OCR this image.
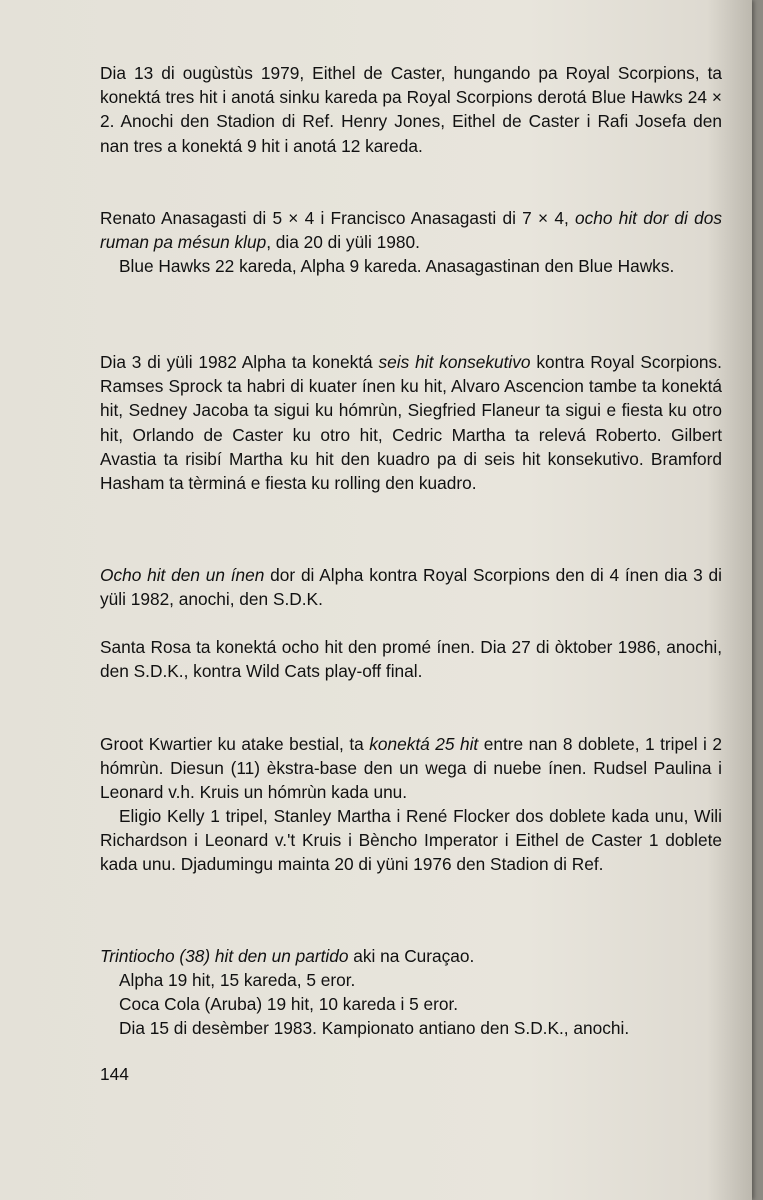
Dia 13 di ougùstùs 1979, Eithel de Caster, hungando pa Royal Scorpions, ta konektá tres hit i anotá sinku kareda pa Royal Scorpions derotá Blue Hawks 24 × 2. Anochi den Stadion di Ref. Henry Jones, Eithel de Caster i Rafi Josefa den nan tres a konektá 9 hit i anotá 12 kareda.

Renato Anasagasti di 5 × 4 i Francisco Anasagasti di 7 × 4, ocho hit dor di dos ruman pa mésun klup, dia 20 di yüli 1980.

Blue Hawks 22 kareda, Alpha 9 kareda. Anasagastinan den Blue Hawks.

Dia 3 di yüli 1982 Alpha ta konektá seis hit konsekutivo kontra Royal Scorpions. Ramses Sprock ta habri di kuater ínen ku hit, Alvaro Ascencion tambe ta konektá hit, Sedney Jacoba ta sigui ku hómrùn, Siegfried Flaneur ta sigui e fiesta ku otro hit, Orlando de Caster ku otro hit, Cedric Martha ta relevá Roberto. Gilbert Avastia ta risibí Martha ku hit den kuadro pa di seis hit konsekutivo. Bramford Hasham ta tèrminá e fiesta ku rolling den kuadro.

Ocho hit den un ínen dor di Alpha kontra Royal Scorpions den di 4 ínen dia 3 di yüli 1982, anochi, den S.D.K.

Santa Rosa ta konektá ocho hit den promé ínen. Dia 27 di òktober 1986, anochi, den S.D.K., kontra Wild Cats play-off final.

Groot Kwartier ku atake bestial, ta konektá 25 hit entre nan 8 doblete, 1 tripel i 2 hómrùn. Diesun (11) èkstra-base den un wega di nuebe ínen. Rudsel Paulina i Leonard v.h. Kruis un hómrùn kada unu.

Eligio Kelly 1 tripel, Stanley Martha i René Flocker dos doblete kada unu, Wili Richardson i Leonard v.'t Kruis i Bèncho Imperator i Eithel de Caster 1 doblete kada unu. Djadumingu mainta 20 di yüni 1976 den Stadion di Ref.

Trintiocho (38) hit den un partido aki na Curaçao.

Alpha 19 hit, 15 kareda, 5 eror.

Coca Cola (Aruba) 19 hit, 10 kareda i 5 eror.

Dia 15 di desèmber 1983. Kampionato antiano den S.D.K., anochi.

144
